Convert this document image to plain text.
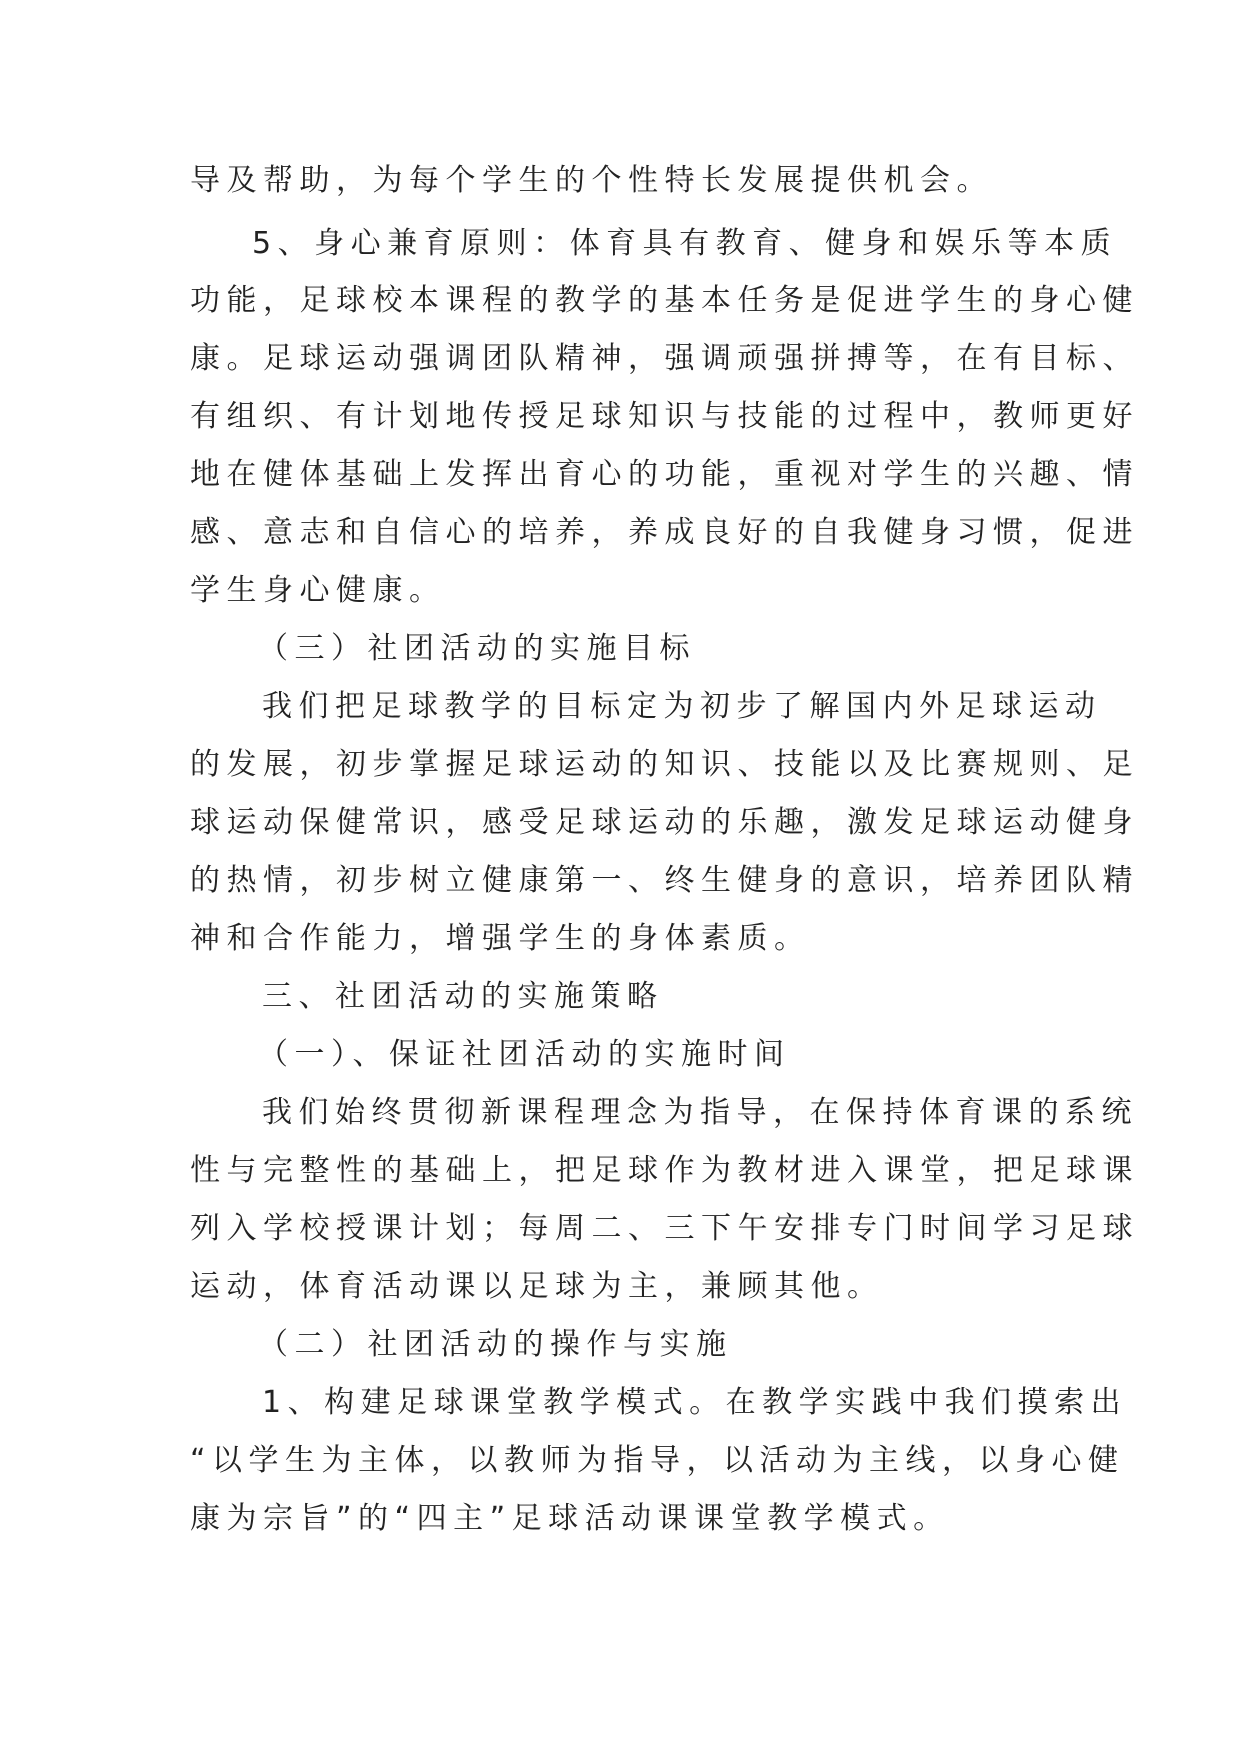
导及帮助，为每个学生的个性特长发展提供机会。
5、身心兼育原则：体育具有教育、健身和娱乐等本质
功能，足球校本课程的教学的基本任务是促进学生的身心健
康。足球运动强调团队精神，强调顽强拼搏等，在有目标、
有组织、有计划地传授足球知识与技能的过程中，教师更好
地在健体基础上发挥出育心的功能，重视对学生的兴趣、情
感、意志和自信心的培养，养成良好的自我健身习惯，促进
学生身心健康。
（三）社团活动的实施目标
我们把足球教学的目标定为初步了解国内外足球运动
的发展，初步掌握足球运动的知识、技能以及比赛规则、足
球运动保健常识，感受足球运动的乐趣，激发足球运动健身
的热情，初步树立健康第一、终生健身的意识，培养团队精
神和合作能力，增强学生的身体素质。
三、社团活动的实施策略
（一）、保证社团活动的实施时间
我们始终贯彻新课程理念为指导，在保持体育课的系统
性与完整性的基础上，把足球作为教材进入课堂，把足球课
列入学校授课计划；每周二、三下午安排专门时间学习足球
运动，体育活动课以足球为主，兼顾其他。
（二）社团活动的操作与实施
1、构建足球课堂教学模式。在教学实践中我们摸索出
“以学生为主体，以教师为指导，以活动为主线，以身心健
康为宗旨”的“四主”足球活动课课堂教学模式。
